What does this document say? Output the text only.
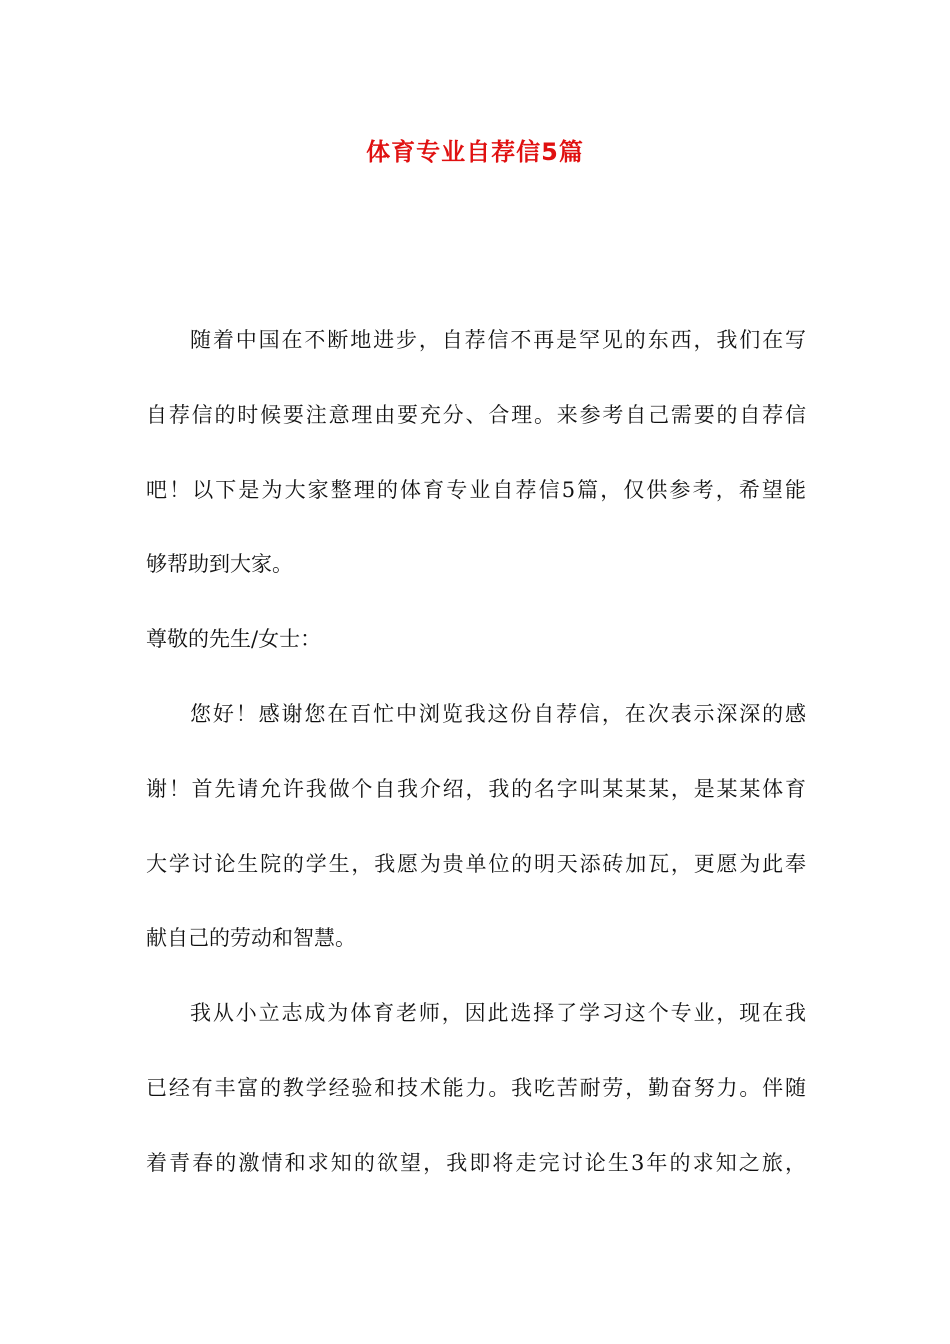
体育专业自荐信5篇
随着中国在不断地进步，自荐信不再是罕见的东西，我们在写
自荐信的时候要注意理由要充分、合理。来参考自己需要的自荐信
吧！以下是为大家整理的体育专业自荐信5篇，仅供参考，希望能
够帮助到大家。
尊敬的先生/女士：
您好！感谢您在百忙中浏览我这份自荐信，在次表示深深的感
谢！首先请允许我做个自我介绍，我的名字叫某某某，是某某体育
大学讨论生院的学生，我愿为贵单位的明天添砖加瓦，更愿为此奉
献自己的劳动和智慧。
我从小立志成为体育老师，因此选择了学习这个专业，现在我
已经有丰富的教学经验和技术能力。我吃苦耐劳，勤奋努力。伴随
着青春的激情和求知的欲望，我即将走完讨论生3年的求知之旅，
